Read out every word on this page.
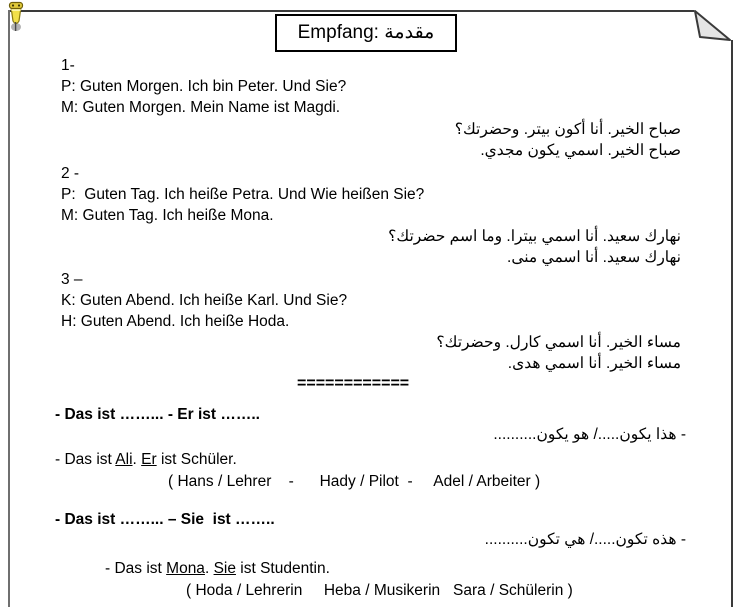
مقدمة :Empfang
1-
P: Guten Morgen. Ich bin Peter. Und Sie?
M: Guten Morgen. Mein Name ist Magdi.
صباح الخير. أنا أكون بيتر. وحضرتك؟
صباح الخير. اسمي يكون مجدي.
2 -
P:  Guten Tag. Ich heiße Petra. Und Wie heißen Sie?
M: Guten Tag. Ich heiße Mona.
نهارك سعيد. أنا اسمي بيترا. وما اسم حضرتك؟
نهارك سعيد. أنا اسمي منى.
3 –
K: Guten Abend. Ich heiße Karl. Und Sie?
H: Guten Abend. Ich heiße Hoda.
مساء الخير. أنا اسمي كارل. وحضرتك؟
مساء الخير. أنا اسمي هدى.
============
- Das ist ……... - Er ist ……..
- هذا يكون...../ هو يكون..........
- Das ist Ali. Er ist Schüler.
( Hans / Lehrer    -      Hady / Pilot  -     Adel / Arbeiter )
- Das ist ……... – Sie  ist ……..
- هذه تكون...../ هي تكون..........
- Das ist Mona. Sie ist Studentin.
( Hoda / Lehrerin     Heba / Musikerin   Sara / Schülerin )
